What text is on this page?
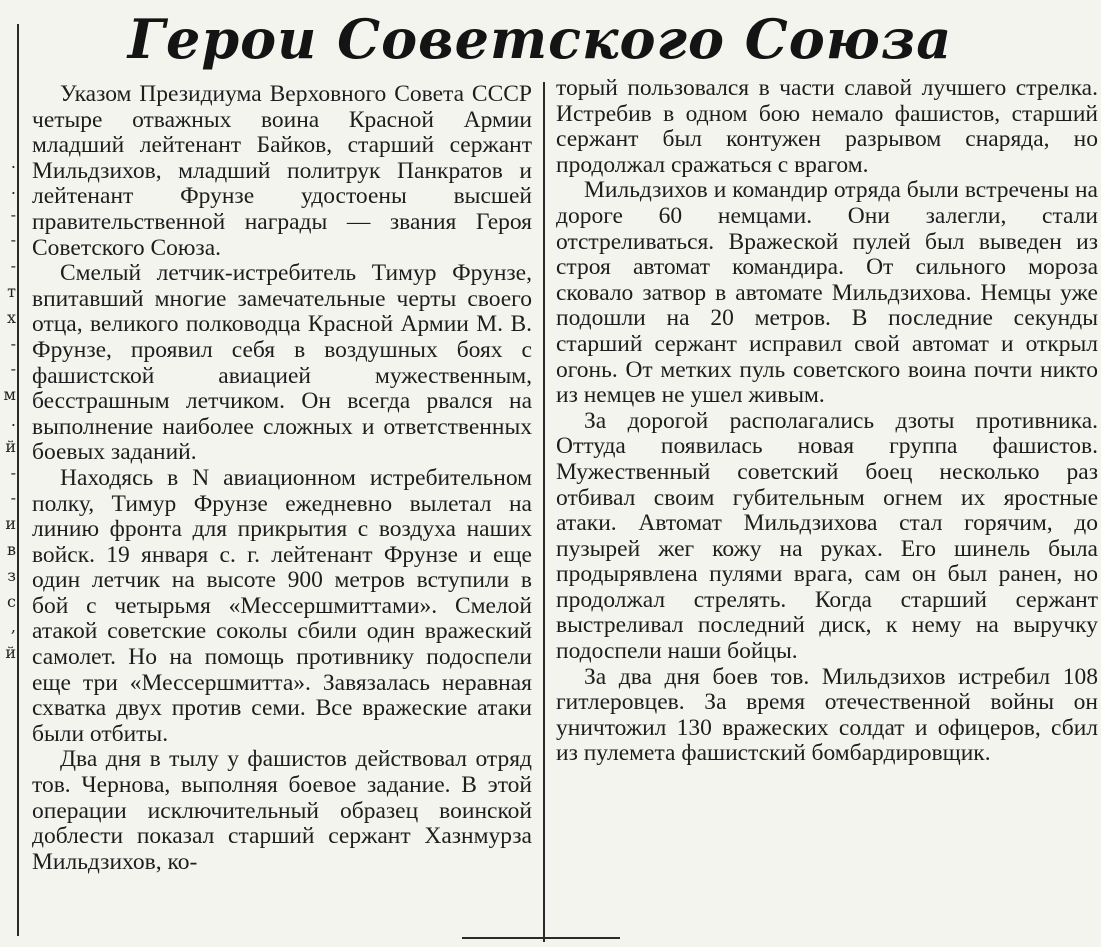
.
.
-
-
-
т
х
-
-
м
.
й
-
-
и
в
з
с
,
й
Герои Советского Союза

Указом Президиума Верховного Совета СССР четыре отважных воина Красной Армии младший лейтенант Байков, старший сержант Мильдзихов, младший политрук Панкратов и лейтенант Фрунзе удостоены высшей правительственной награды — звания Героя Советского Союза.

Смелый летчик-истребитель Тимур Фрунзе, впитавший многие замечательные черты своего отца, великого полководца Красной Армии М. В. Фрунзе, проявил себя в воздушных боях с фашистской авиацией мужественным, бесстрашным летчиком. Он всегда рвался на выполнение наиболее сложных и ответственных боевых заданий.

Находясь в N авиационном истребительном полку, Тимур Фрунзе ежедневно вылетал на линию фронта для прикрытия с воздуха наших войск. 19 января с. г. лейтенант Фрунзе и еще один летчик на высоте 900 метров вступили в бой с четырьмя «Мессершмиттами». Смелой атакой советские соколы сбили один вражеский самолет. Но на помощь противнику подоспели еще три «Мессершмитта». Завязалась неравная схватка двух против семи. Все вражеские атаки были отбиты.

Два дня в тылу у фашистов действовал отряд тов. Чернова, выполняя боевое задание. В этой операции исключительный образец воинской доблести показал старший сержант Хазнмурза Мильдзихов, ко-

торый пользовался в части славой лучшего стрелка. Истребив в одном бою немало фашистов, старший сержант был контужен разрывом снаряда, но продолжал сражаться с врагом.

Мильдзихов и командир отряда были встречены на дороге 60 немцами. Они залегли, стали отстреливаться. Вражеской пулей был выведен из строя автомат командира. От сильного мороза сковало затвор в автомате Мильдзихова. Немцы уже подошли на 20 метров. В последние секунды старший сержант исправил свой автомат и открыл огонь. От метких пуль советского воина почти никто из немцев не ушел живым.

За дорогой располагались дзоты противника. Оттуда появилась новая группа фашистов. Мужественный советский боец несколько раз отбивал своим губительным огнем их яростные атаки. Автомат Мильдзихова стал горячим, до пузырей жег кожу на руках. Его шинель была продырявлена пулями врага, сам он был ранен, но продолжал стрелять. Когда старший сержант выстреливал последний диск, к нему на выручку подоспели наши бойцы.

За два дня боев тов. Мильдзихов истребил 108 гитлеровцев. За время отечественной войны он уничтожил 130 вражеских солдат и офицеров, сбил из пулемета фашистский бомбардировщик.
